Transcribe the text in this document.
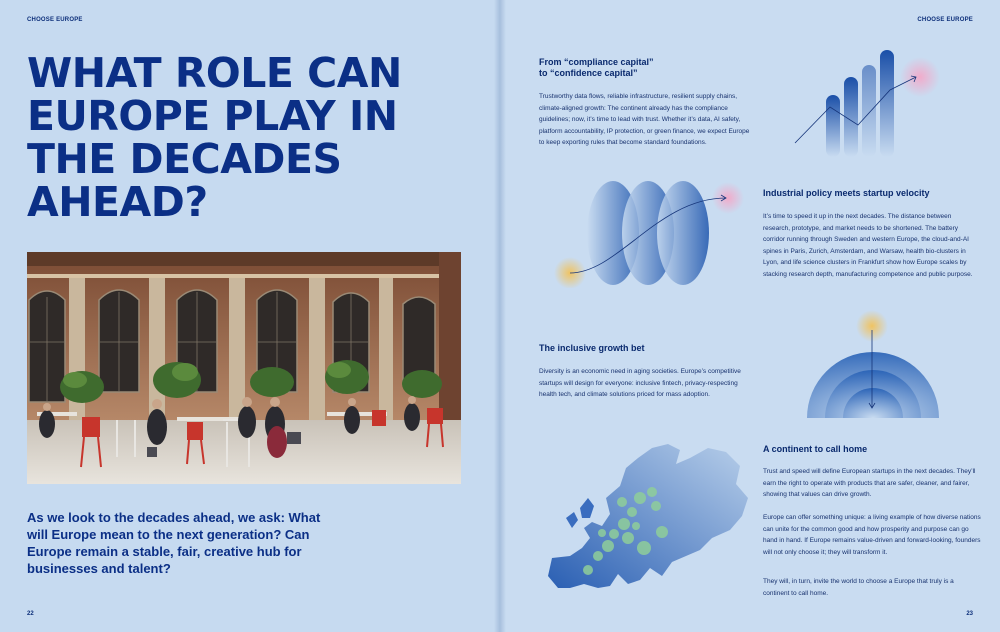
CHOOSE EUROPE
WHAT ROLE CAN EUROPE PLAY IN THE DECADES AHEAD?

As we look to the decades ahead, we ask: What will Europe mean to the next generation? Can Europe remain a stable, fair, creative hub for businesses and talent?

22
CHOOSE EUROPE
From “compliance capital”
to “confidence capital”

Trustworthy data flows, reliable infrastructure, resilient supply chains, climate-aligned growth: The continent already has the compliance guidelines; now, it’s time to lead with trust. Whether it’s data, AI safety, platform accountability, IP protection, or green finance, we expect Europe to keep exporting rules that become standard foundations.

Industrial policy meets startup velocity

It’s time to speed it up in the next decades. The distance between research, prototype, and market needs to be shortened. The battery corridor running through Sweden and western Europe, the cloud-and-AI spines in Paris, Zurich, Amsterdam, and Warsaw, health bio-clusters in Lyon, and life science clusters in Frankfurt show how Europe scales by stacking research depth, manufacturing competence and public purpose.

The inclusive growth bet

Diversity is an economic need in aging societies. Europe’s competitive startups will design for everyone: inclusive fintech, privacy-respecting health tech, and climate solutions priced for mass adoption.

A continent to call home

Trust and speed will define European startups in the next decades. They’ll earn the right to operate with products that are safer, cleaner, and fairer, showing that values can drive growth.

Europe can offer something unique: a living example of how diverse nations can unite for the common good and how prosperity and purpose can go hand in hand. If Europe remains value-driven and forward-looking, founders will not only choose it; they will transform it.

They will, in turn, invite the world to choose a Europe that truly is a continent to call home.

23
